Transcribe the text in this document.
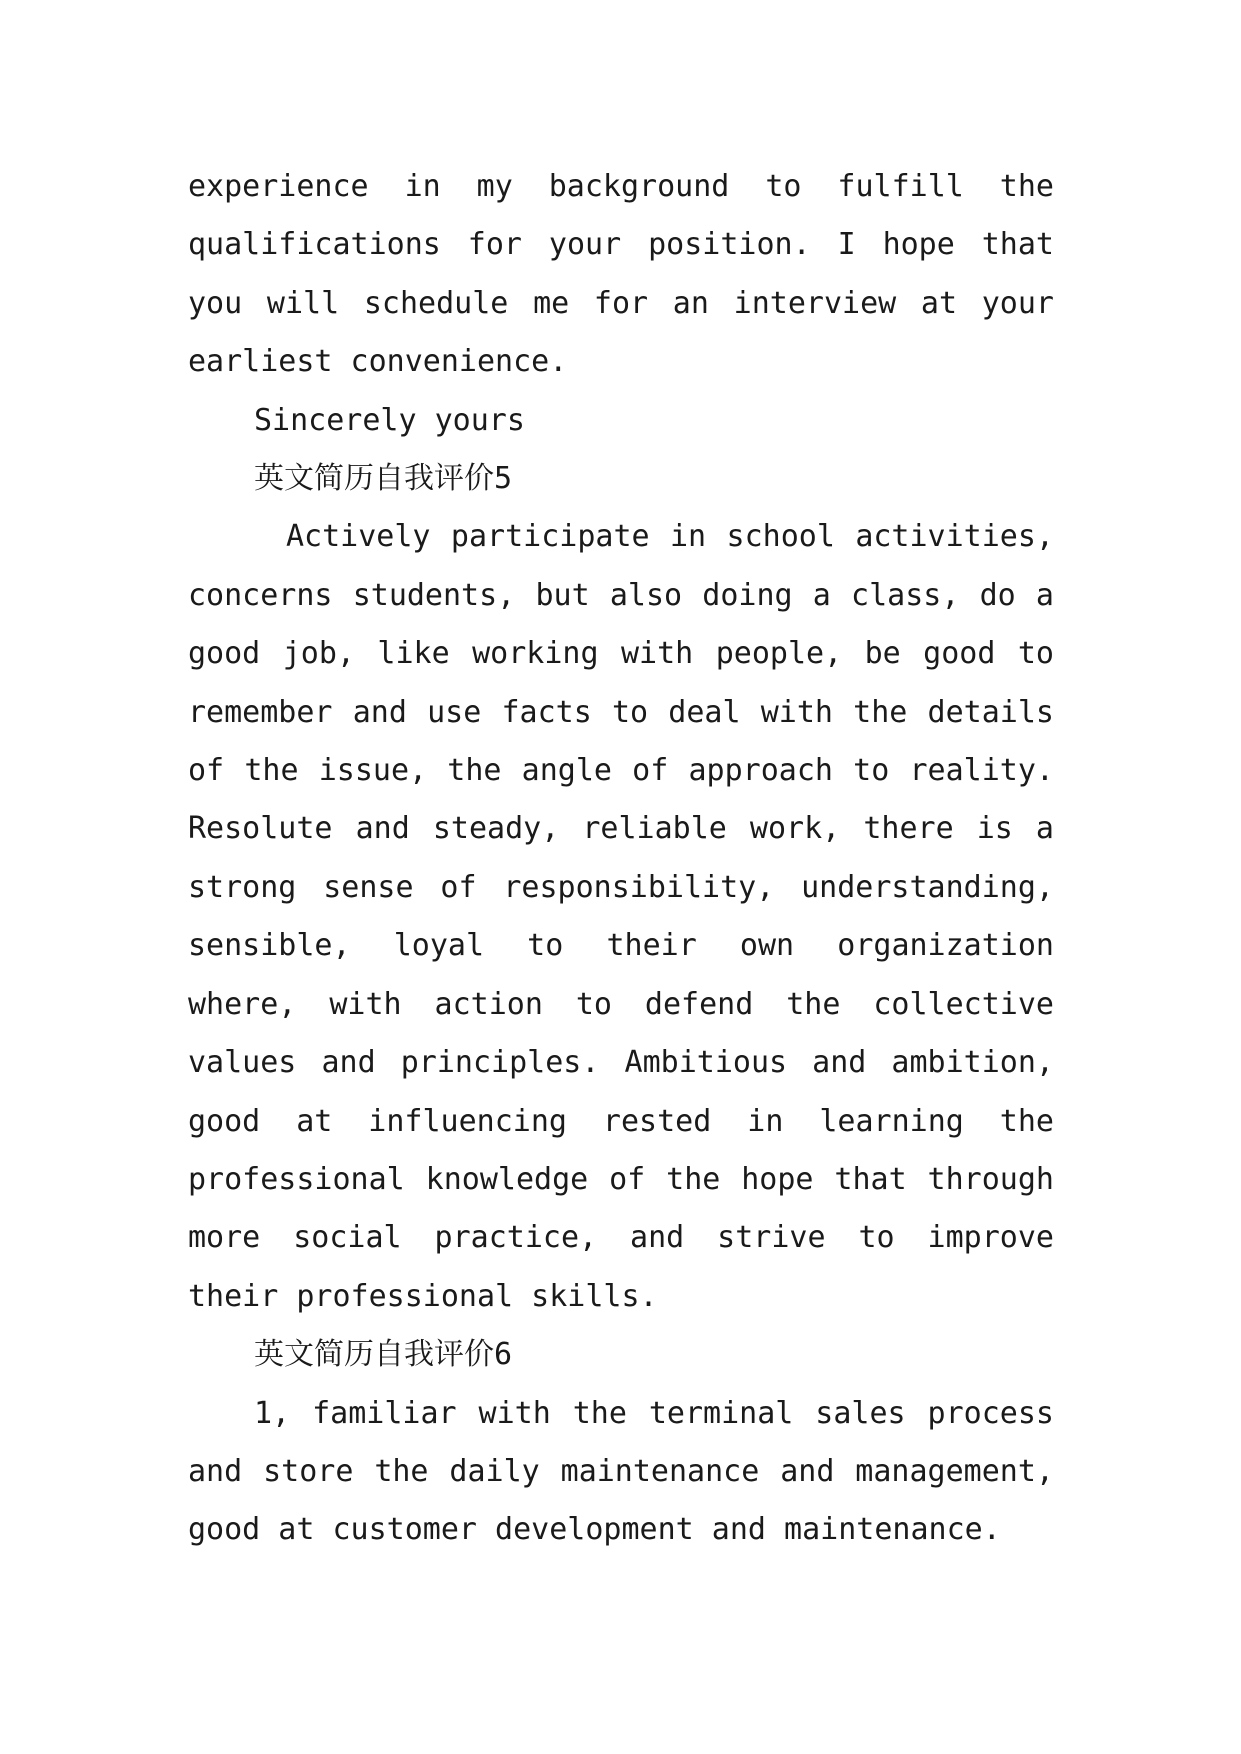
experience in my background to fulfill the qualifications for your position. I hope that you will schedule me for an interview at your earliest convenience.

Sincerely yours

英文简历自我评价5

Actively participate in school activities, concerns students, but also doing a class, do a good job, like working with people, be good to remember and use facts to deal with the details of the issue, the angle of approach to reality. Resolute and steady, reliable work, there is a strong sense of responsibility, understanding, sensible, loyal to their own organization where, with action to defend the collective values and principles. Ambitious and ambition, good at influencing rested in learning the professional knowledge of the hope that through more social practice, and strive to improve their professional skills.

英文简历自我评价6

1, familiar with the terminal sales process and store the daily maintenance and management, good at customer development and maintenance.
